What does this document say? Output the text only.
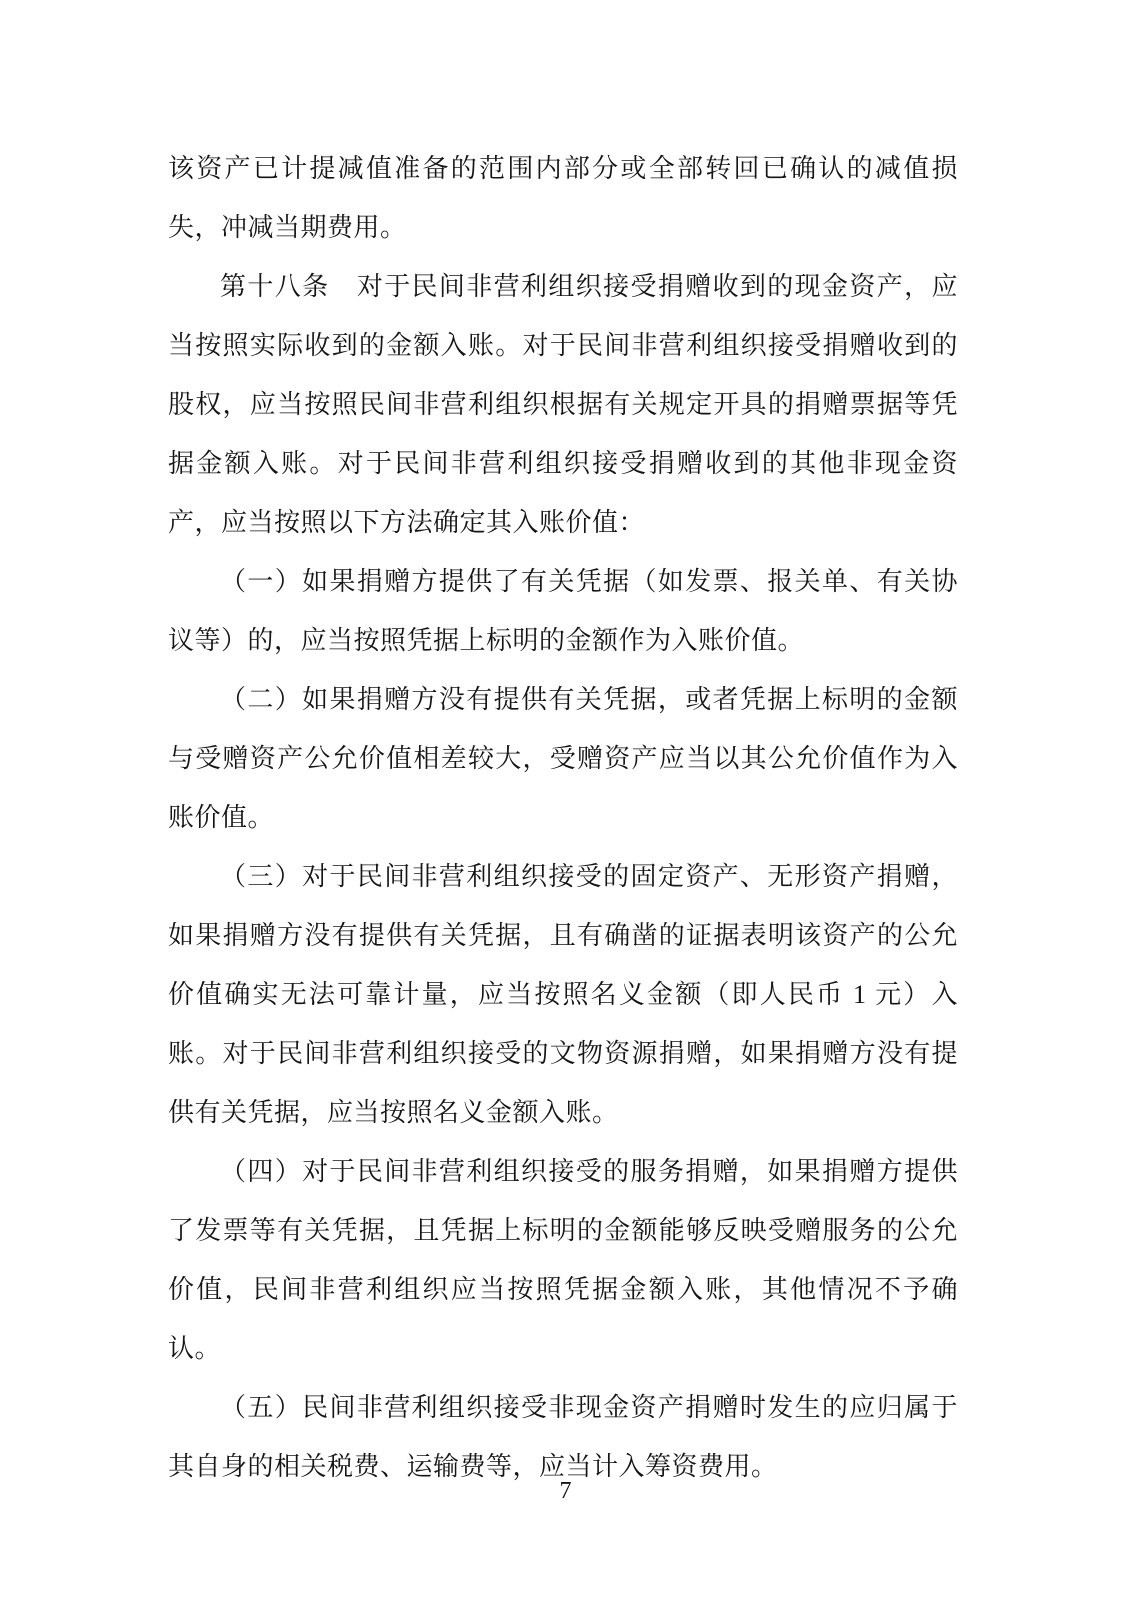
该资产已计提减值准备的范围内部分或全部转回已确认的减值损失，冲减当期费用。

第十八条　对于民间非营利组织接受捐赠收到的现金资产，应当按照实际收到的金额入账。对于民间非营利组织接受捐赠收到的股权，应当按照民间非营利组织根据有关规定开具的捐赠票据等凭据金额入账。对于民间非营利组织接受捐赠收到的其他非现金资产，应当按照以下方法确定其入账价值：

（一）如果捐赠方提供了有关凭据（如发票、报关单、有关协议等）的，应当按照凭据上标明的金额作为入账价值。

（二）如果捐赠方没有提供有关凭据，或者凭据上标明的金额与受赠资产公允价值相差较大，受赠资产应当以其公允价值作为入账价值。

（三）对于民间非营利组织接受的固定资产、无形资产捐赠，如果捐赠方没有提供有关凭据，且有确凿的证据表明该资产的公允价值确实无法可靠计量，应当按照名义金额（即人民币 1 元）入账。对于民间非营利组织接受的文物资源捐赠，如果捐赠方没有提供有关凭据，应当按照名义金额入账。

（四）对于民间非营利组织接受的服务捐赠，如果捐赠方提供了发票等有关凭据，且凭据上标明的金额能够反映受赠服务的公允价值，民间非营利组织应当按照凭据金额入账，其他情况不予确认。

（五）民间非营利组织接受非现金资产捐赠时发生的应归属于其自身的相关税费、运输费等，应当计入筹资费用。

7
